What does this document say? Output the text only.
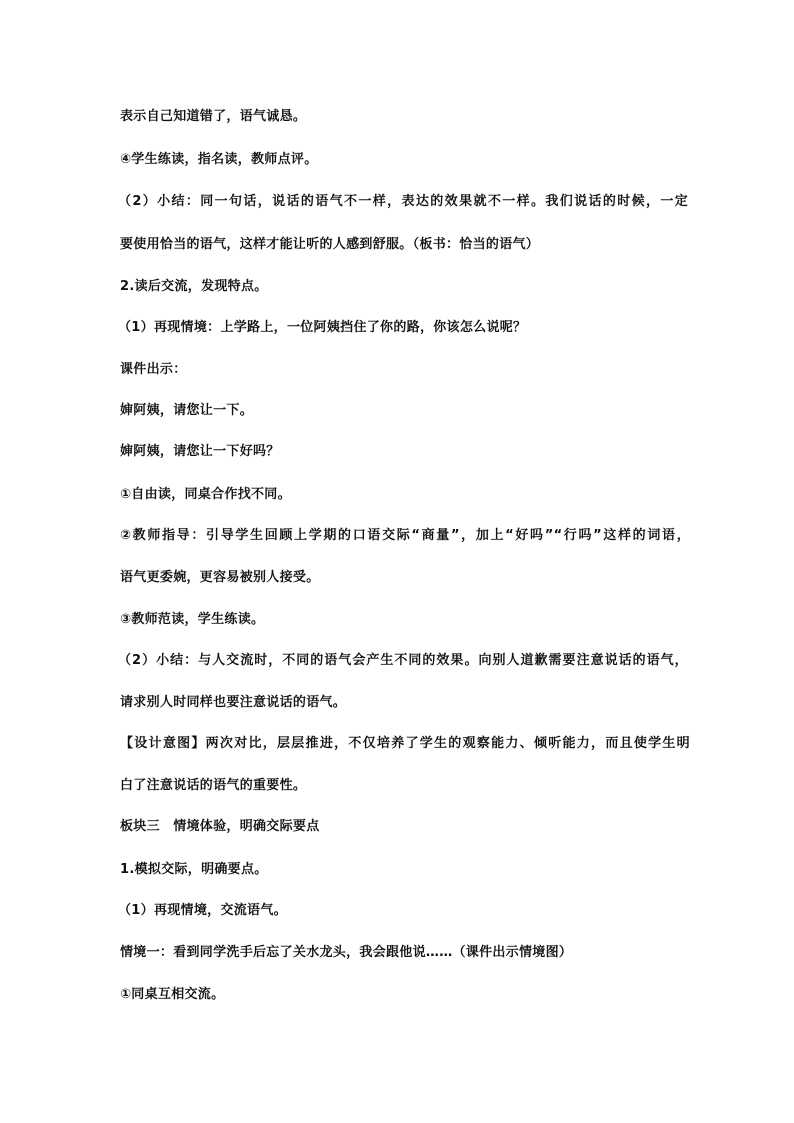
表示自己知道错了，语气诚恳。
④学生练读，指名读，教师点评。
（2）小结：同一句话，说话的语气不一样，表达的效果就不一样。我们说话的时候，一定
要使用恰当的语气，这样才能让听的人感到舒服。（板书：恰当的语气）
2.读后交流，发现特点。
（1）再现情境：上学路上，一位阿姨挡住了你的路，你该怎么说呢？
课件出示：
婶阿姨，请您让一下。
婶阿姨，请您让一下好吗？
①自由读，同桌合作找不同。
②教师指导：引导学生回顾上学期的口语交际“商量”，加上“好吗”“行吗”这样的词语，
语气更委婉，更容易被别人接受。
③教师范读，学生练读。
（2）小结：与人交流时，不同的语气会产生不同的效果。向别人道歉需要注意说话的语气，
请求别人时同样也要注意说话的语气。
【设计意图】两次对比，层层推进，不仅培养了学生的观察能力、倾听能力，而且使学生明
白了注意说话的语气的重要性。
板块三　情境体验，明确交际要点
1.模拟交际，明确要点。
（1）再现情境，交流语气。
情境一：看到同学洗手后忘了关水龙头，我会跟他说……（课件出示情境图）
①同桌互相交流。
